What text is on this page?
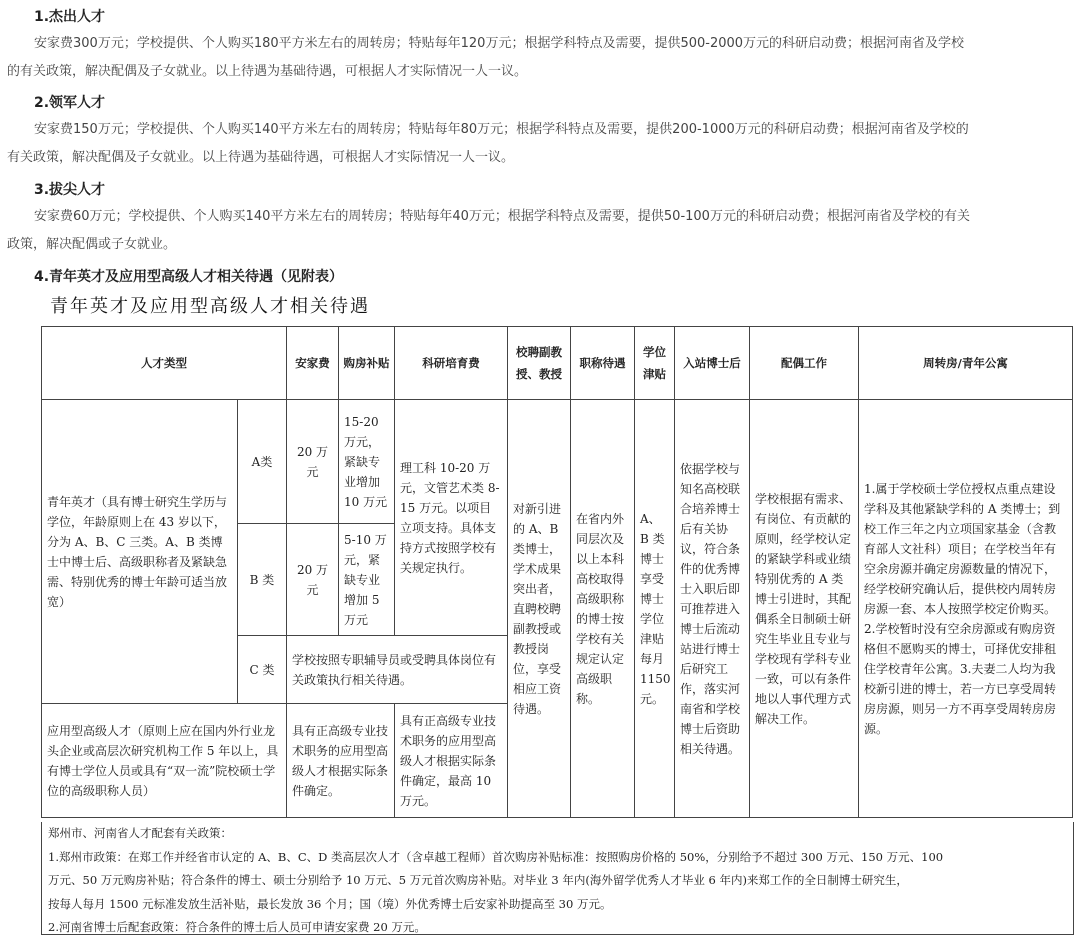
1.杰出人才
安家费300万元；学校提供、个人购买180平方米左右的周转房；特贴每年120万元；根据学科特点及需要，提供500-2000万元的科研启动费；根据河南省及学校
的有关政策，解决配偶及子女就业。以上待遇为基础待遇，可根据人才实际情况一人一议。
2.领军人才
安家费150万元；学校提供、个人购买140平方米左右的周转房；特贴每年80万元；根据学科特点及需要，提供200-1000万元的科研启动费；根据河南省及学校的
有关政策，解决配偶及子女就业。以上待遇为基础待遇，可根据人才实际情况一人一议。
3.拔尖人才
安家费60万元；学校提供、个人购买140平方米左右的周转房；特贴每年40万元；根据学科特点及需要，提供50-100万元的科研启动费；根据河南省及学校的有关
政策，解决配偶或子女就业。
4.青年英才及应用型高级人才相关待遇（见附表）
青年英才及应用型高级人才相关待遇
人才类型		安家费	购房补贴	科研培育费	校聘副教授、教授	职称待遇	学位津贴	入站博士后	配偶工作	周转房/青年公寓
青年英才（具有博士研究生学历与学位，年龄原则上在 43 岁以下，分为 A、B、C 三类。A、B 类博士中博士后、高级职称者及紧缺急需、特别优秀的博士年龄可适当放宽）	A类	20 万元	15-20 万元，紧缺专业增加 10 万元	理工科 10-20 万元，文管艺术类 8-15 万元。以项目立项支持。具体支持方式按照学校有关规定执行。	对新引进的 A、B 类博士，学术成果突出者，直聘校聘副教授或教授岗位，享受相应工资待遇。	在省内外同层次及以上本科高校取得高级职称的博士按学校有关规定认定高级职称。	A、B 类博士享受博士学位津贴每月 1150 元。	依据学校与知名高校联合培养博士后有关协议，符合条件的优秀博士入职后即可推荐进入博士后流动站进行博士后研究工作，落实河南省和学校博士后资助相关待遇。	学校根据有需求、有岗位、有贡献的原则，经学校认定的紧缺学科或业绩特别优秀的 A 类博士引进时，其配偶系全日制硕士研究生毕业且专业与学校现有学科专业一致，可以有条件地以人事代理方式解决工作。	1.属于学校硕士学位授权点重点建设学科及其他紧缺学科的 A 类博士；到校工作三年之内立项国家基金（含教育部人文社科）项目；在学校当年有空余房源并确定房源数量的情况下，经学校研究确认后，提供校内周转房房源一套、本人按照学校定价购买。2.学校暂时没有空余房源或有购房资格但不愿购买的博士，可择优安排租住学校青年公寓。3.夫妻二人均为我校新引进的博士，若一方已享受周转房房源，则另一方不再享受周转房房源。
	B 类	20 万元	5-10 万元，紧缺专业增加 5 万元							
	C 类	学校按照专职辅导员或受聘具体岗位有关政策执行相关待遇。								
应用型高级人才（原则上应在国内外行业龙头企业或高层次研究机构工作 5 年以上，具有博士学位人员或具有“双一流”院校硕士学位的高级职称人员）		具有正高级专业技术职务的应用型高级人才根据实际条件确定。		具有正高级专业技术职务的应用型高级人才根据实际条件确定，最高 10 万元。						
郑州市、河南省人才配套有关政策：
1.郑州市政策：在郑工作并经省市认定的 A、B、C、D 类高层次人才（含卓越工程师）首次购房补贴标准：按照购房价格的 50%，分别给予不超过 300 万元、150 万元、100
万元、50 万元购房补贴；符合条件的博士、硕士分别给予 10 万元、5 万元首次购房补贴。对毕业 3 年内(海外留学优秀人才毕业 6 年内)来郑工作的全日制博士研究生，
按每人每月 1500 元标准发放生活补贴，最长发放 36 个月；国（境）外优秀博士后安家补助提高至 30 万元。
2.河南省博士后配套政策：符合条件的博士后人员可申请安家费 20 万元。
